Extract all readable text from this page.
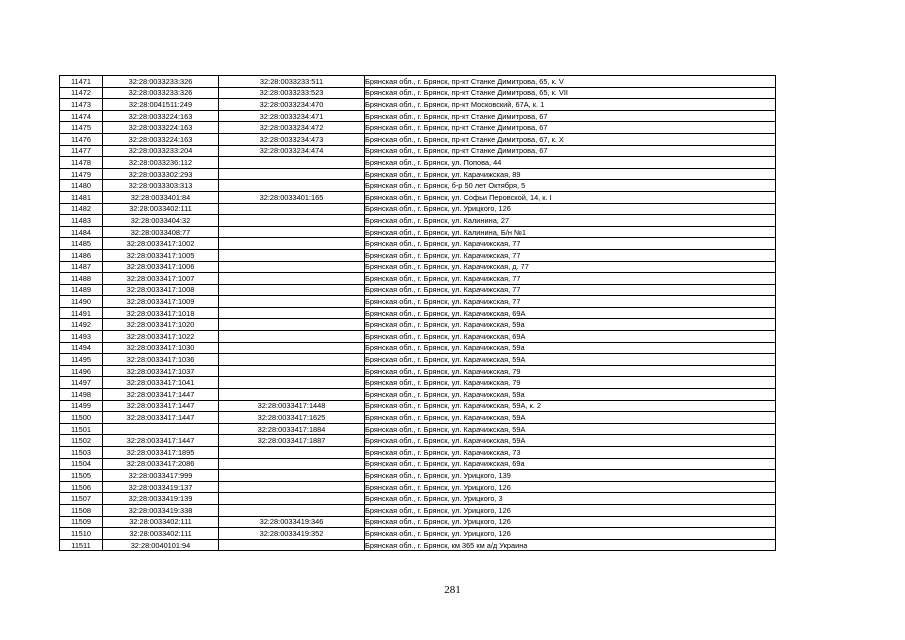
11471	32:28:0033233:326	32:28:0033233:511	Брянская обл., г. Брянск, пр-кт Станке Димитрова, 65, к. V
11472	32:28:0033233:326	32:28:0033233:523	Брянская обл., г. Брянск, пр-кт Станке Димитрова, 65, к. VII
11473	32:28:0041511:249	32:28:0033234:470	Брянская обл., г. Брянск, пр-кт Московский, 67А, к. 1
11474	32:28:0033224:163	32:28:0033234:471	Брянская обл., г. Брянск, пр-кт Станке Димитрова, 67
11475	32:28:0033224:163	32:28:0033234:472	Брянская обл., г. Брянск, пр-кт Станке Димитрова, 67
11476	32:28:0033224:163	32:28:0033234:473	Брянская обл., г. Брянск, пр-кт Станке Димитрова, 67, к. X
11477	32:28:0033233:204	32:28:0033234:474	Брянская обл., г. Брянск, пр-кт Станке Димитрова, 67
11478	32:28:0033236:112		Брянская обл., г. Брянск, ул. Попова, 44
11479	32:28:0033302:293		Брянская обл., г. Брянск, ул. Карачижская, 89
11480	32:28:0033303:313		Брянская обл., г. Брянск, б-р 50 лет Октября, 5
11481	32:28:0033401:84	32:28:0033401:165	Брянская обл., г. Брянск, ул. Софьи Перовской, 14, к. I
11482	32:28:0033402:111		Брянская обл., г. Брянск, ул. Урицкого, 126
11483	32:28:0033404:32		Брянская обл., г. Брянск, ул. Калинина, 27
11484	32:28:0033408:77		Брянская обл., г. Брянск, ул. Калинина, Б/н №1
11485	32:28:0033417:1002		Брянская обл., г. Брянск, ул. Карачижская, 77
11486	32:28:0033417:1005		Брянская обл., г. Брянск, ул. Карачижская, 77
11487	32:28:0033417:1006		Брянская обл., г. Брянск, ул. Карачижская, д. 77
11488	32:28:0033417:1007		Брянская обл., г. Брянск, ул. Карачижская, 77
11489	32:28:0033417:1008		Брянская обл., г. Брянск, ул. Карачижская, 77
11490	32:28:0033417:1009		Брянская обл., г. Брянск, ул. Карачижская, 77
11491	32:28:0033417:1018		Брянская обл., г. Брянск, ул. Карачижская, 69А
11492	32:28:0033417:1020		Брянская обл., г. Брянск, ул. Карачижская, 59а
11493	32:28:0033417:1022		Брянская обл., г. Брянск, ул. Карачижская, 69А
11494	32:28:0033417:1030		Брянская обл., г. Брянск, ул. Карачижская, 59а
11495	32:28:0033417:1036		Брянская обл., г. Брянск, ул. Карачижская, 59А
11496	32:28:0033417:1037		Брянская обл., г. Брянск, ул. Карачижская, 79
11497	32:28:0033417:1041		Брянская обл., г. Брянск, ул. Карачижская, 79
11498	32:28:0033417:1447		Брянская обл., г. Брянск, ул. Карачижская, 59а
11499	32:28:0033417:1447	32:28:0033417:1448	Брянская обл., г. Брянск, ул. Карачижская, 59А, к. 2
11500	32:28:0033417:1447	32:28:0033417:1625	Брянская обл., г. Брянск, ул. Карачижская, 59А
11501		32:28:0033417:1884	Брянская обл., г. Брянск, ул. Карачижская, 59А
11502	32:28:0033417:1447	32:28:0033417:1887	Брянская обл., г. Брянск, ул. Карачижская, 59А
11503	32:28:0033417:1895		Брянская обл., г. Брянск, ул. Карачижская, 73
11504	32:28:0033417:2086		Брянская обл., г. Брянск, ул. Карачижская, 69а
11505	32:28:0033417:999		Брянская обл., г. Брянск, ул. Урицкого, 139
11506	32:28:0033419:137		Брянская обл., г. Брянск, ул. Урицкого, 126
11507	32:28:0033419:139		Брянская обл., г. Брянск, ул. Урицкого, 3
11508	32:28:0033419:338		Брянская обл., г. Брянск, ул. Урицкого, 126
11509	32:28:0033402:111	32:28:0033419:346	Брянская обл., г. Брянск, ул. Урицкого, 126
11510	32:28:0033402:111	32:28:0033419:352	Брянская обл., г. Брянск, ул. Урицкого, 126
11511	32:28:0040101:94		Брянская обл., г. Брянск, км 365 км а/д Украина
281
